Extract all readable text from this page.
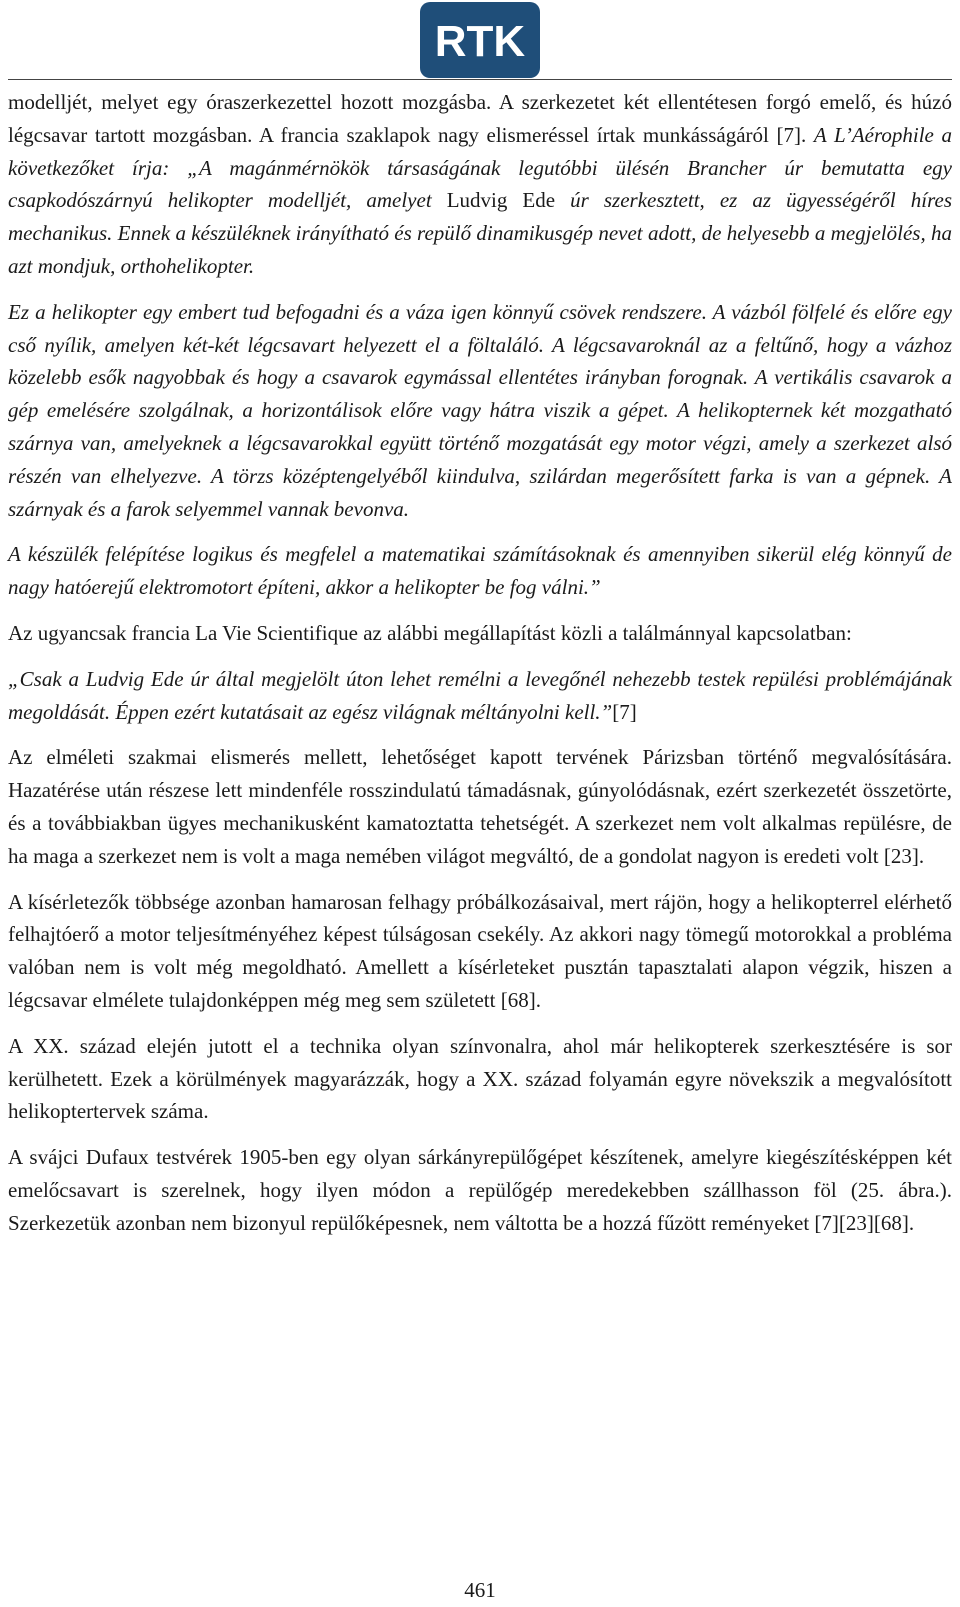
RTK

modelljét, melyet egy óraszerkezettel hozott mozgásba. A szerkezetet két ellentétesen forgó emelő, és húzó légcsavar tartott mozgásban. A francia szaklapok nagy elismeréssel írtak munkásságáról [7]. A L’Aérophile a következőket írja: „A magánmérnökök társaságának legutóbbi ülésén Brancher úr bemutatta egy csapkodószárnyú helikopter modelljét, amelyet Ludvig Ede úr szerkesztett, ez az ügyességéről híres mechanikus. Ennek a készüléknek irányítható és repülő dinamikusgép nevet adott, de helyesebb a megjelölés, ha azt mondjuk, orthohelikopter.

Ez a helikopter egy embert tud befogadni és a váza igen könnyű csövek rendszere. A vázból fölfelé és előre egy cső nyílik, amelyen két-két légcsavart helyezett el a föltaláló. A légcsavaroknál az a feltűnő, hogy a vázhoz közelebb esők nagyobbak és hogy a csavarok egymással ellentétes irányban forognak. A vertikális csavarok a gép emelésére szolgálnak, a horizontálisok előre vagy hátra viszik a gépet. A helikopternek két mozgatható szárnya van, amelyeknek a légcsavarokkal együtt történő mozgatását egy motor végzi, amely a szerkezet alsó részén van elhelyezve. A törzs középtengelyéből kiindulva, szilárdan megerősített farka is van a gépnek. A szárnyak és a farok selyemmel vannak bevonva.

A készülék felépítése logikus és megfelel a matematikai számításoknak és amennyiben sikerül elég könnyű de nagy hatóerejű elektromotort építeni, akkor a helikopter be fog válni.”

Az ugyancsak francia La Vie Scientifique az alábbi megállapítást közli a találmánnyal kapcsolatban:

„Csak a Ludvig Ede úr által megjelölt úton lehet remélni a levegőnél nehezebb testek repülési problémájának megoldását. Éppen ezért kutatásait az egész világnak méltányolni kell.”[7]

Az elméleti szakmai elismerés mellett, lehetőséget kapott tervének Párizsban történő megvalósítására. Hazatérése után részese lett mindenféle rosszindulatú támadásnak, gúnyolódásnak, ezért szerkezetét összetörte, és a továbbiakban ügyes mechanikusként kamatoztatta tehetségét. A szerkezet nem volt alkalmas repülésre, de ha maga a szerkezet nem is volt a maga nemében világot megváltó, de a gondolat nagyon is eredeti volt [23].

A kísérletezők többsége azonban hamarosan felhagy próbálkozásaival, mert rájön, hogy a helikopterrel elérhető felhajtóerő a motor teljesítményéhez képest túlságosan csekély. Az akkori nagy tömegű motorokkal a probléma valóban nem is volt még megoldható. Amellett a kísérleteket pusztán tapasztalati alapon végzik, hiszen a légcsavar elmélete tulajdonképpen még meg sem született [68].

A XX. század elején jutott el a technika olyan színvonalra, ahol már helikopterek szerkesztésére is sor kerülhetett. Ezek a körülmények magyarázzák, hogy a XX. század folyamán egyre növekszik a megvalósított helikoptertervek száma.

A svájci Dufaux testvérek 1905-ben egy olyan sárkányrepülőgépet készítenek, amelyre kiegészítésképpen két emelőcsavart is szerelnek, hogy ilyen módon a repülőgép meredekebben szállhasson föl (25. ábra.). Szerkezetük azonban nem bizonyul repülőképesnek, nem váltotta be a hozzá fűzött reményeket [7][23][68].

461
